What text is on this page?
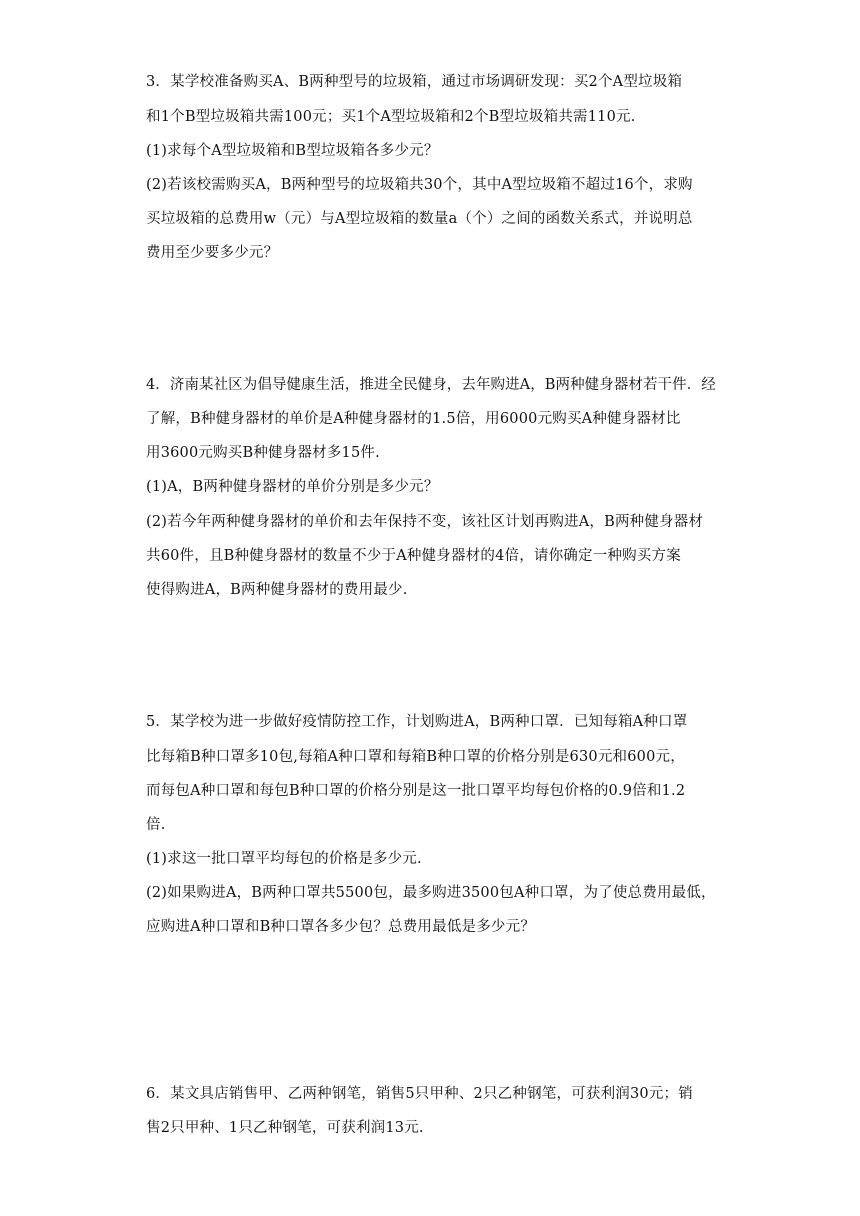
3．某学校准备购买A、B两种型号的垃圾箱，通过市场调研发现：买2个A型垃圾箱
和1个B型垃圾箱共需100元；买1个A型垃圾箱和2个B型垃圾箱共需110元.
(1)求每个A型垃圾箱和B型垃圾箱各多少元？
(2)若该校需购买A，B两种型号的垃圾箱共30个，其中A型垃圾箱不超过16个，求购
买垃圾箱的总费用w（元）与A型垃圾箱的数量a（个）之间的函数关系式，并说明总
费用至少要多少元？
4．济南某社区为倡导健康生活，推进全民健身，去年购进A，B两种健身器材若干件．经
了解，B种健身器材的单价是A种健身器材的1.5倍，用6000元购买A种健身器材比
用3600元购买B种健身器材多15件.
(1)A，B两种健身器材的单价分别是多少元？
(2)若今年两种健身器材的单价和去年保持不变，该社区计划再购进A，B两种健身器材
共60件，且B种健身器材的数量不少于A种健身器材的4倍，请你确定一种购买方案
使得购进A，B两种健身器材的费用最少.
5．某学校为进一步做好疫情防控工作，计划购进A，B两种口罩．已知每箱A种口罩
比每箱B种口罩多10包,每箱A种口罩和每箱B种口罩的价格分别是630元和600元，
而每包A种口罩和每包B种口罩的价格分别是这一批口罩平均每包价格的0.9倍和1.2
倍.
(1)求这一批口罩平均每包的价格是多少元.
(2)如果购进A，B两种口罩共5500包，最多购进3500包A种口罩，为了使总费用最低，
应购进A种口罩和B种口罩各多少包？总费用最低是多少元？
6．某文具店销售甲、乙两种钢笔，销售5只甲种、2只乙种钢笔，可获利润30元；销
售2只甲种、1只乙种钢笔，可获利润13元.
